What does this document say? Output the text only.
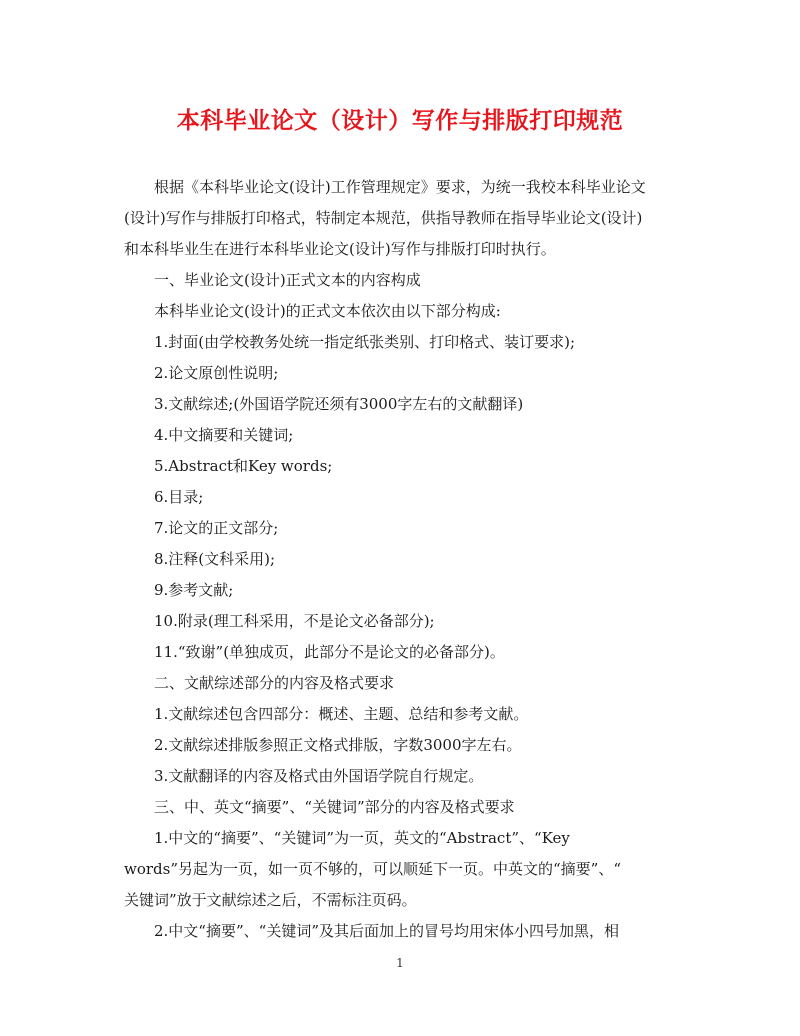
本科毕业论文（设计）写作与排版打印规范

根据《本科毕业论文(设计)工作管理规定》要求，为统一我校本科毕业论文

(设计)写作与排版打印格式，特制定本规范，供指导教师在指导毕业论文(设计)

和本科毕业生在进行本科毕业论文(设计)写作与排版打印时执行。

一、毕业论文(设计)正式文本的内容构成

本科毕业论文(设计)的正式文本依次由以下部分构成:

1.封面(由学校教务处统一指定纸张类别、打印格式、装订要求);

2.论文原创性说明;

3.文献综述;(外国语学院还须有3000字左右的文献翻译)

4.中文摘要和关键词;

5.Abstract和Key words;

6.目录;

7.论文的正文部分;

8.注释(文科采用);

9.参考文献;

10.附录(理工科采用，不是论文必备部分);

11.“致谢”(单独成页，此部分不是论文的必备部分)。

二、文献综述部分的内容及格式要求

1.文献综述包含四部分：概述、主题、总结和参考文献。

2.文献综述排版参照正文格式排版，字数3000字左右。

3.文献翻译的内容及格式由外国语学院自行规定。

三、中、英文“摘要”、“关键词”部分的内容及格式要求

1.中文的“摘要”、“关键词”为一页，英文的“Abstract”、“Key

words”另起为一页，如一页不够的，可以顺延下一页。中英文的“摘要”、“

关键词”放于文献综述之后，不需标注页码。

2.中文“摘要”、“关键词”及其后面加上的冒号均用宋体小四号加黑，相

1
